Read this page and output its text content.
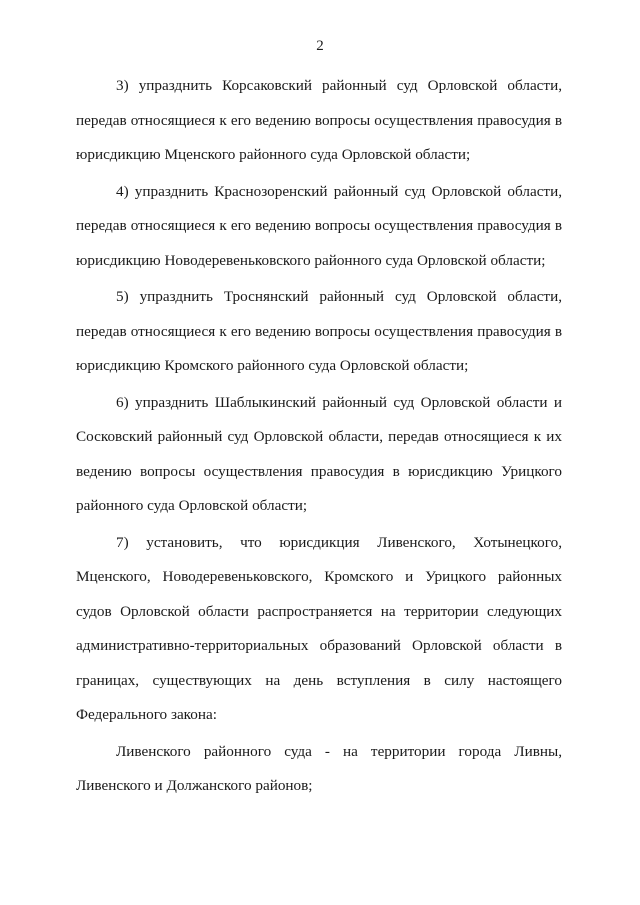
2
3) упразднить Корсаковский районный суд Орловской области,
передав относящиеся к его ведению вопросы осуществления правосудия в
юрисдикцию Мценского районного суда Орловской области;
4) упразднить Краснозоренский районный суд Орловской области,
передав относящиеся к его ведению вопросы осуществления правосудия в
юрисдикцию Новодеревеньковского районного суда Орловской области;
5) упразднить Троснянский районный суд Орловской области,
передав относящиеся к его ведению вопросы осуществления правосудия в
юрисдикцию Кромского районного суда Орловской области;
6) упразднить Шаблыкинский районный суд Орловской области и
Сосковский районный суд Орловской области, передав относящиеся к их
ведению вопросы осуществления правосудия в юрисдикцию Урицкого
районного суда Орловской области;
7) установить, что юрисдикция Ливенского, Хотынецкого,
Мценского, Новодеревеньковского, Кромского и Урицкого районных
судов Орловской области распространяется на территории следующих
административно-территориальных образований Орловской области в
границах, существующих на день вступления в силу настоящего
Федерального закона:
Ливенского районного суда - на территории города Ливны,
Ливенского и Должанского районов;
